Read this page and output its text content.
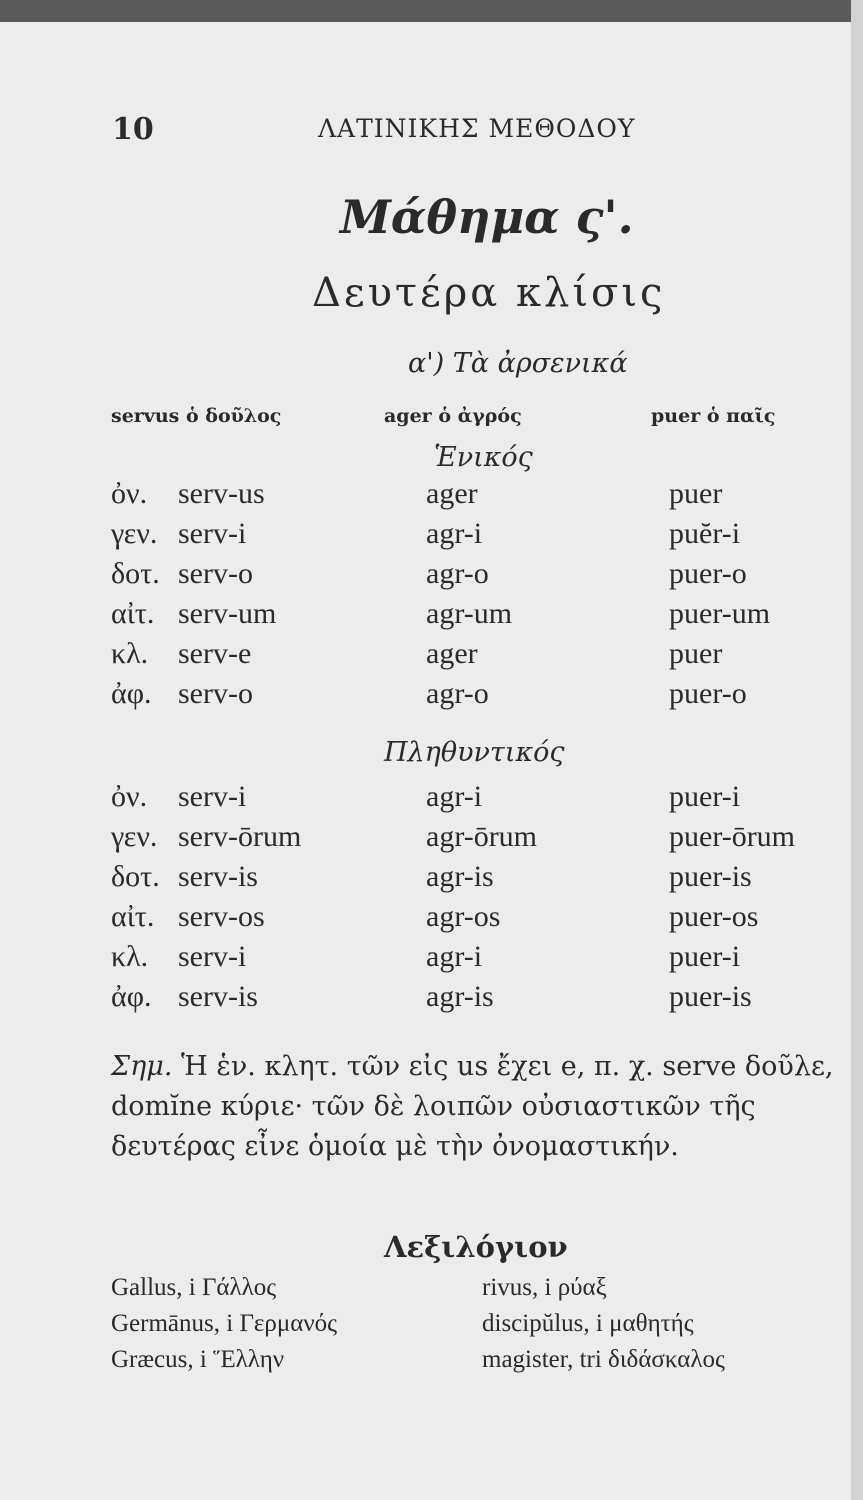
10	ΛΑΤΙΝΙΚΗΣ ΜΕΘΟΔΟΥ
Μάθημα ς'.
Δευτέρα κλίσις
α') Τὰ ἀρσενικά
servus ὁ δοῦλος	ager ὁ ἀγρός	puer ὁ παῖς
Ἑνικός
ὀν. serv-us	ager	puer
γεν. serv-i	agr-i	puĕr-i
δοτ. serv-o	agr-o	puer-o
αἰτ. serv-um	agr-um	puer-um
κλ. serv-e	ager	puer
ἀφ. serv-o	agr-o	puer-o
Πληθυντικός
ὀν. serv-i	agr-i	puer-i
γεν. serv-ōrum	agr-ōrum	puer-ōrum
δοτ. serv-is	agr-is	puer-is
αἰτ. serv-os	agr-os	puer-os
κλ. serv-i	agr-i	puer-i
ἀφ. serv-is	agr-is	puer-is
Σημ. Ἡ ἑν. κλητ. τῶν εἰς us ἔχει e, π. χ. serve δοῦλε, domĭne κύριε· τῶν δὲ λοιπῶν οὐσιαστικῶν τῆς δευτέρας εἶνε ὁμοία μὲ τὴν ὀνομαστικήν.
Λεξιλόγιον
Gallus, i Γάλλος	rivus, i ρύαξ
Germānus, i Γερμανός	discipŭlus, i μαθητής
Græcus, i Ἕλλην	magister, tri διδάσκαλος
